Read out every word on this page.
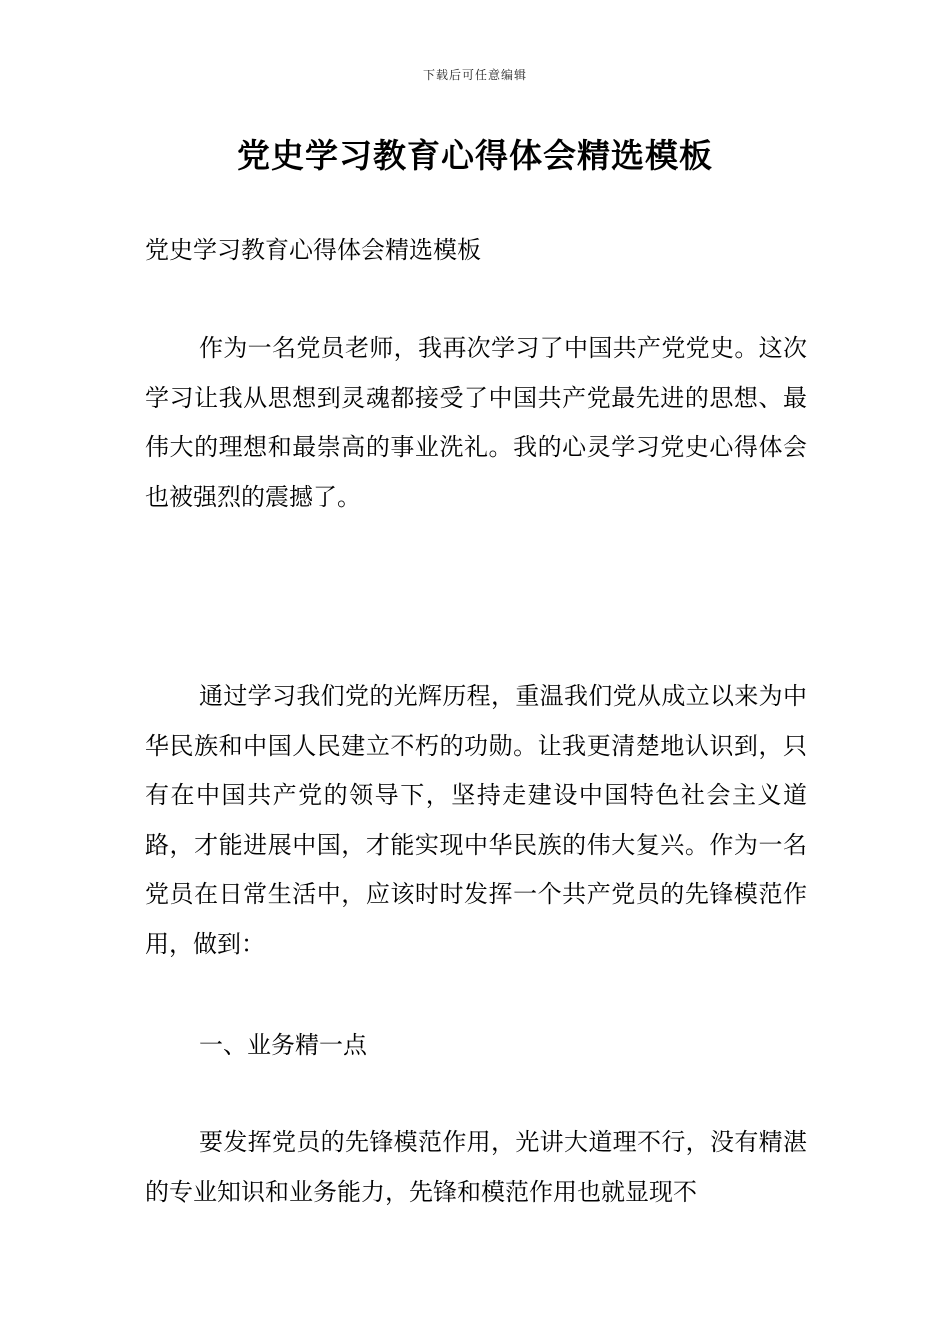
下载后可任意编辑
党史学习教育心得体会精选模板
党史学习教育心得体会精选模板
作为一名党员老师，我再次学习了中国共产党党史。这次学习让我从思想到灵魂都接受了中国共产党最先进的思想、最伟大的理想和最崇高的事业洗礼。我的心灵学习党史心得体会也被强烈的震撼了。
通过学习我们党的光辉历程，重温我们党从成立以来为中华民族和中国人民建立不朽的功勋。让我更清楚地认识到，只有在中国共产党的领导下，坚持走建设中国特色社会主义道路，才能进展中国，才能实现中华民族的伟大复兴。作为一名党员在日常生活中，应该时时发挥一个共产党员的先锋模范作用，做到：
一、业务精一点
要发挥党员的先锋模范作用，光讲大道理不行，没有精湛的专业知识和业务能力，先锋和模范作用也就显现不
